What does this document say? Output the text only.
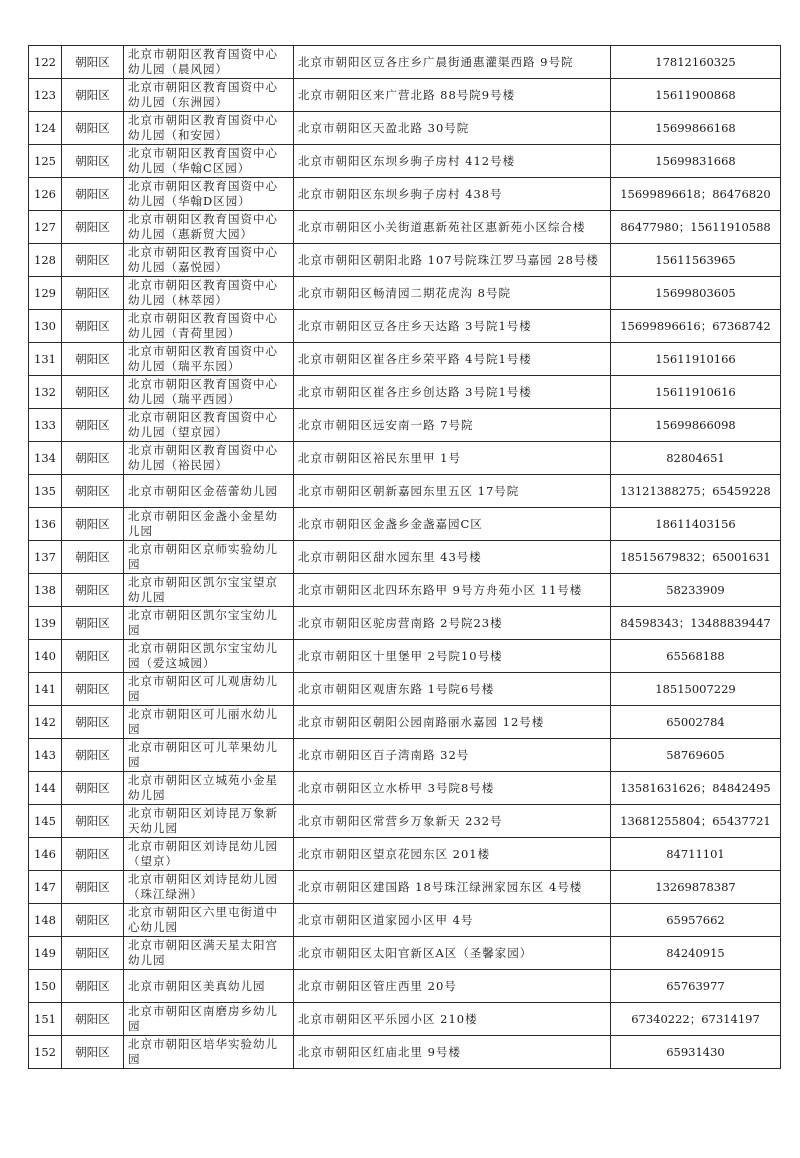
122	朝阳区	北京市朝阳区教育国资中心幼儿园（晨风园）	北京市朝阳区豆各庄乡广晨街通惠灌渠西路 9号院	17812160325
123	朝阳区	北京市朝阳区教育国资中心幼儿园（东洲园）	北京市朝阳区来广营北路 88号院9号楼	15611900868
124	朝阳区	北京市朝阳区教育国资中心幼儿园（和安园）	北京市朝阳区天盈北路 30号院	15699866168
125	朝阳区	北京市朝阳区教育国资中心幼儿园（华翰C区园）	北京市朝阳区东坝乡驹子房村 412号楼	15699831668
126	朝阳区	北京市朝阳区教育国资中心幼儿园（华翰D区园）	北京市朝阳区东坝乡驹子房村 438号	15699896618；86476820
127	朝阳区	北京市朝阳区教育国资中心幼儿园（惠新贸大园）	北京市朝阳区小关街道惠新苑社区惠新苑小区综合楼	86477980；15611910588
128	朝阳区	北京市朝阳区教育国资中心幼儿园（嘉悦园）	北京市朝阳区朝阳北路 107号院珠江罗马嘉园 28号楼	15611563965
129	朝阳区	北京市朝阳区教育国资中心幼儿园（林萃园）	北京市朝阳区畅清园二期花虎沟 8号院	15699803605
130	朝阳区	北京市朝阳区教育国资中心幼儿园（青荷里园）	北京市朝阳区豆各庄乡天达路 3号院1号楼	15699896616；67368742
131	朝阳区	北京市朝阳区教育国资中心幼儿园（瑞平东园）	北京市朝阳区崔各庄乡荣平路 4号院1号楼	15611910166
132	朝阳区	北京市朝阳区教育国资中心幼儿园（瑞平西园）	北京市朝阳区崔各庄乡创达路 3号院1号楼	15611910616
133	朝阳区	北京市朝阳区教育国资中心幼儿园（望京园）	北京市朝阳区远安南一路 7号院	15699866098
134	朝阳区	北京市朝阳区教育国资中心幼儿园（裕民园）	北京市朝阳区裕民东里甲 1号	82804651
135	朝阳区	北京市朝阳区金蓓蕾幼儿园	北京市朝阳区朝新嘉园东里五区 17号院	13121388275；65459228
136	朝阳区	北京市朝阳区金盏小金星幼儿园	北京市朝阳区金盏乡金盏嘉园C区	18611403156
137	朝阳区	北京市朝阳区京师实验幼儿园	北京市朝阳区甜水园东里 43号楼	18515679832；65001631
138	朝阳区	北京市朝阳区凯尔宝宝望京幼儿园	北京市朝阳区北四环东路甲 9号方舟苑小区 11号楼	58233909
139	朝阳区	北京市朝阳区凯尔宝宝幼儿园	北京市朝阳区驼房营南路 2号院23楼	84598343；13488839447
140	朝阳区	北京市朝阳区凯尔宝宝幼儿园（爱这城园）	北京市朝阳区十里堡甲 2号院10号楼	65568188
141	朝阳区	北京市朝阳区可儿观唐幼儿园	北京市朝阳区观唐东路 1号院6号楼	18515007229
142	朝阳区	北京市朝阳区可儿丽水幼儿园	北京市朝阳区朝阳公园南路丽水嘉园 12号楼	65002784
143	朝阳区	北京市朝阳区可儿苹果幼儿园	北京市朝阳区百子湾南路 32号	58769605
144	朝阳区	北京市朝阳区立城苑小金星幼儿园	北京市朝阳区立水桥甲 3号院8号楼	13581631626；84842495
145	朝阳区	北京市朝阳区刘诗昆万象新天幼儿园	北京市朝阳区常营乡万象新天 232号	13681255804；65437721
146	朝阳区	北京市朝阳区刘诗昆幼儿园（望京）	北京市朝阳区望京花园东区 201楼	84711101
147	朝阳区	北京市朝阳区刘诗昆幼儿园（珠江绿洲）	北京市朝阳区建国路 18号珠江绿洲家园东区 4号楼	13269878387
148	朝阳区	北京市朝阳区六里屯街道中心幼儿园	北京市朝阳区道家园小区甲 4号	65957662
149	朝阳区	北京市朝阳区满天星太阳宫幼儿园	北京市朝阳区太阳官新区A区（圣馨家园）	84240915
150	朝阳区	北京市朝阳区美真幼儿园	北京市朝阳区管庄西里 20号	65763977
151	朝阳区	北京市朝阳区南磨房乡幼儿园	北京市朝阳区平乐园小区 210楼	67340222；67314197
152	朝阳区	北京市朝阳区培华实验幼儿园	北京市朝阳区红庙北里 9号楼	65931430
